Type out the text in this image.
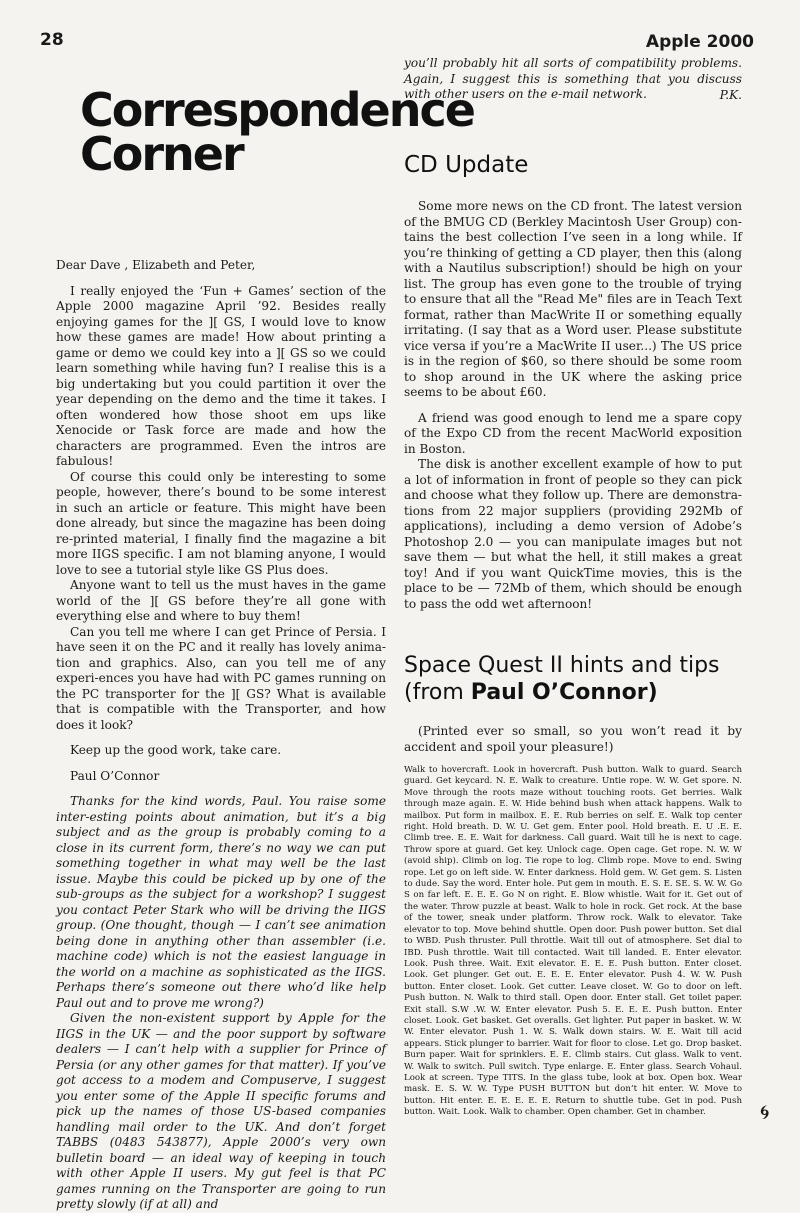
28	Apple 2000
Correspondence
Corner
Dear Dave , Elizabeth and Peter,

I really enjoyed the ‘Fun + Games’ section of the Apple 2000 magazine April ’92. Besides really enjoying games for the ][ GS, I would love to know how these games are made! How about printing a game or demo we could key into a ][ GS so we could learn something while having fun? I realise this is a big undertaking but you could partition it over the year depending on the demo and the time it takes. I often wondered how those shoot em ups like Xenocide or Task force are made and how the characters are programmed. Even the intros are fabulous!

Of course this could only be interesting to some people, however, there’s bound to be some interest in such an article or feature. This might have been done already, but since the magazine has been doing re-printed material, I finally find the magazine a bit more IIGS specific. I am not blaming anyone, I would love to see a tutorial style like GS Plus does.

Anyone want to tell us the must haves in the game world of the ][ GS before they’re all gone with everything else and where to buy them!

Can you tell me where I can get Prince of Persia. I have seen it on the PC and it really has lovely anima-tion and graphics. Also, can you tell me of any experi-ences you have had with PC games running on the PC transporter for the ][ GS? What is available that is compatible with the Transporter, and how does it look?

Keep up the good work, take care.

Paul O’Connor

Thanks for the kind words, Paul. You raise some inter-esting points about animation, but it’s a big subject and as the group is probably coming to a close in its current form, there’s no way we can put something together in what may well be the last issue. Maybe this could be picked up by one of the sub-groups as the subject for a workshop? I suggest you contact Peter Stark who will be driving the IIGS group. (One thought, though — I can’t see animation being done in anything other than assembler (i.e. machine code) which is not the easiest language in the world on a machine as sophisticated as the IIGS. Perhaps there’s someone out there who’d like help Paul out and to prove me wrong?)

Given the non-existent support by Apple for the IIGS in the UK — and the poor support by software dealers — I can’t help with a supplier for Prince of Persia (or any other games for that matter). If you’ve got access to a modem and Compuserve, I suggest you enter some of the Apple II specific forums and pick up the names of those US-based companies handling mail order to the UK. And don’t forget TABBS (0483 543877), Apple 2000’s very own bulletin board — an ideal way of keeping in touch with other Apple II users. My gut feel is that PC games running on the Transporter are going to run pretty slowly (if at all) and

you’ll probably hit all sorts of compatibility problems. Again, I suggest this is something that you discuss with other users on the e-mail network.	P.K.
CD Update

Some more news on the CD front. The latest version of the BMUG CD (Berkley Macintosh User Group) con-tains the best collection I’ve seen in a long while. If you’re thinking of getting a CD player, then this (along with a Nautilus subscription!) should be high on your list. The group has even gone to the trouble of trying to ensure that all the "Read Me" files are in Teach Text format, rather than MacWrite II or something equally irritating. (I say that as a Word user. Please substitute vice versa if you’re a MacWrite II user...) The US price is in the region of $60, so there should be some room to shop around in the UK where the asking price seems to be about £60.

A friend was good enough to lend me a spare copy of the Expo CD from the recent MacWorld exposition in Boston.

The disk is another excellent example of how to put a lot of information in front of people so they can pick and choose what they follow up. There are demonstra-tions from 22 major suppliers (providing 292Mb of applications), including a demo version of Adobe’s Photoshop 2.0 — you can manipulate images but not save them — but what the hell, it still makes a great toy! And if you want QuickTime movies, this is the place to be — 72Mb of them, which should be enough to pass the odd wet afternoon!

Space Quest II hints and tips
(from Paul O’Connor)

(Printed ever so small, so you won’t read it by accident and spoil your pleasure!)

Walk to hovercraft. Look in hovercraft. Push button. Walk to guard. Search guard. Get keycard. N. E. Walk to creature. Untie rope. W. W. Get spore. N. Move through the roots maze without touching roots. Get berries. Walk through maze again. E. W. Hide behind bush when attack happens. Walk to mailbox. Put form in mailbox. E. E. Rub berries on self. E. Walk top center right. Hold breath. D. W. U. Get gem. Enter pool. Hold breath. E. U .E. E. Climb tree. E. E. Wait for darkness. Call guard. Wait till he is next to cage. Throw spore at guard. Get key. Unlock cage. Open cage. Get rope. N. W. W (avoid ship). Climb on log. Tie rope to log. Climb rope. Move to end. Swing rope. Let go on left side. W. Enter darkness. Hold gem. W. Get gem. S. Listen to dude. Say the word. Enter hole. Put gem in mouth. E. S. E. SE. S. W. W. Go S on far left. E. E. E. Go N on right. E. Blow whistle. Wait for it. Get out of the water. Throw puzzle at beast. Walk to hole in rock. Get rock. At the base of the tower, sneak under platform. Throw rock. Walk to elevator. Take elevator to top. Move behind shuttle. Open door. Push power button. Set dial to WBD. Push thruster. Pull throttle. Wait till out of atmosphere. Set dial to IBD. Push throttle. Wait till contacted. Wait till landed. E. Enter elevator. Look. Push three. Wait. Exit elevator. E. E. E. Push button. Enter closet. Look. Get plunger. Get out. E. E. E. Enter elevator. Push 4. W. W. Push button. Enter closet. Look. Get cutter. Leave closet. W. Go to door on left. Push button. N. Walk to third stall. Open door. Enter stall. Get toilet paper. Exit stall. S.W .W. W. Enter elevator. Push 5. E. E. E. Push button. Enter closet. Look. Get basket. Get overalls. Get lighter. Put paper in basket. W. W. W. Enter elevator. Push 1. W. S. Walk down stairs. W. E. Wait till acid appears. Stick plunger to barrier. Wait for floor to close. Let go. Drop basket. Burn paper. Wait for sprinklers. E. E. Climb stairs. Cut glass. Walk to vent. W. Walk to switch. Pull switch. Type enlarge. E. Enter glass. Search Vohaul. Look at screen. Type TITS. In the glass tube, look at box. Open box. Wear mask. E. S. W. W. Type PUSH BUTTON but don’t hit enter. W. Move to button. Hit enter. E. E. E. E. E. Return to shuttle tube. Get in pod. Push button. Wait. Look. Walk to chamber. Open chamber. Get in chamber.	🌀︎
